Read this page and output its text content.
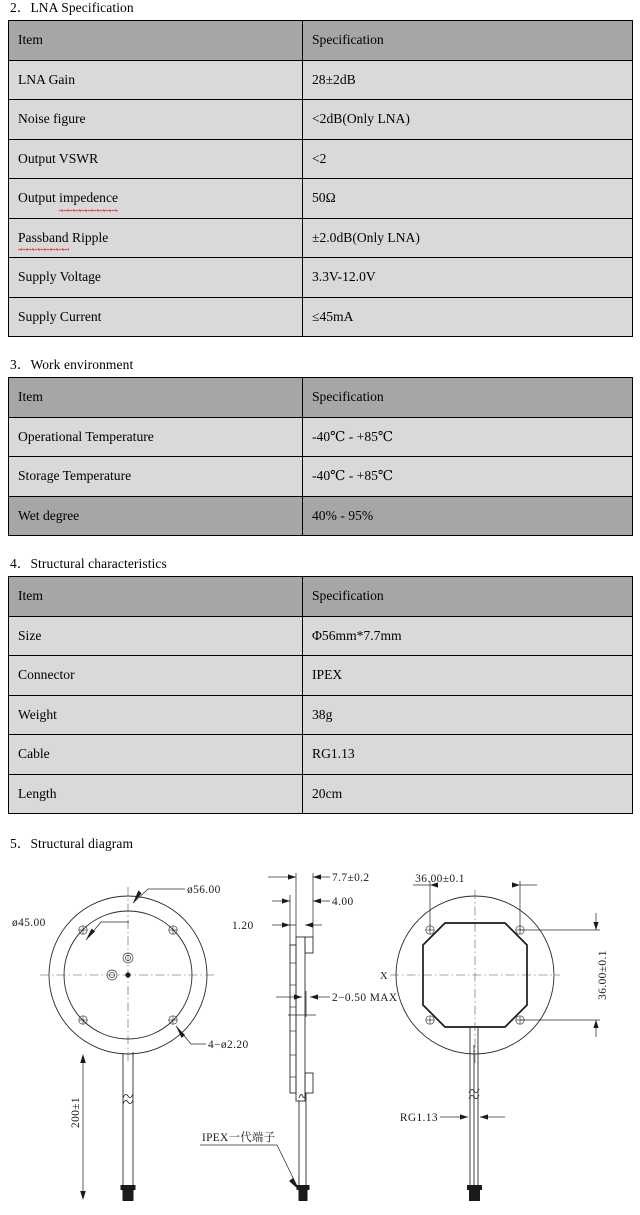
2．LNA Specification
Item	Specification
LNA Gain	28±2dB
Noise figure	<2dB(Only LNA)
Output VSWR	<2
Output impedence	50Ω
Passband Ripple	±2.0dB(Only LNA)
Supply Voltage	3.3V-12.0V
Supply Current	≤45mA
3．Work environment
Item	Specification
Operational Temperature	-40℃ - +85℃
Storage Temperature	-40℃ - +85℃
Wet degree	40% - 95%
4．Structural characteristics
Item	Specification
Size	Φ56mm*7.7mm
Connector	IPEX
Weight	38g
Cable	RG1.13
Length	20cm
5．Structural diagram
ø56.00
ø45.00
4−ø2.20
200±1
7.7±0.2
4.00
1.20
2−0.50 MAX
IPEX一代端子
36.00±0.1
36.00±0.1
X
RG1.13
